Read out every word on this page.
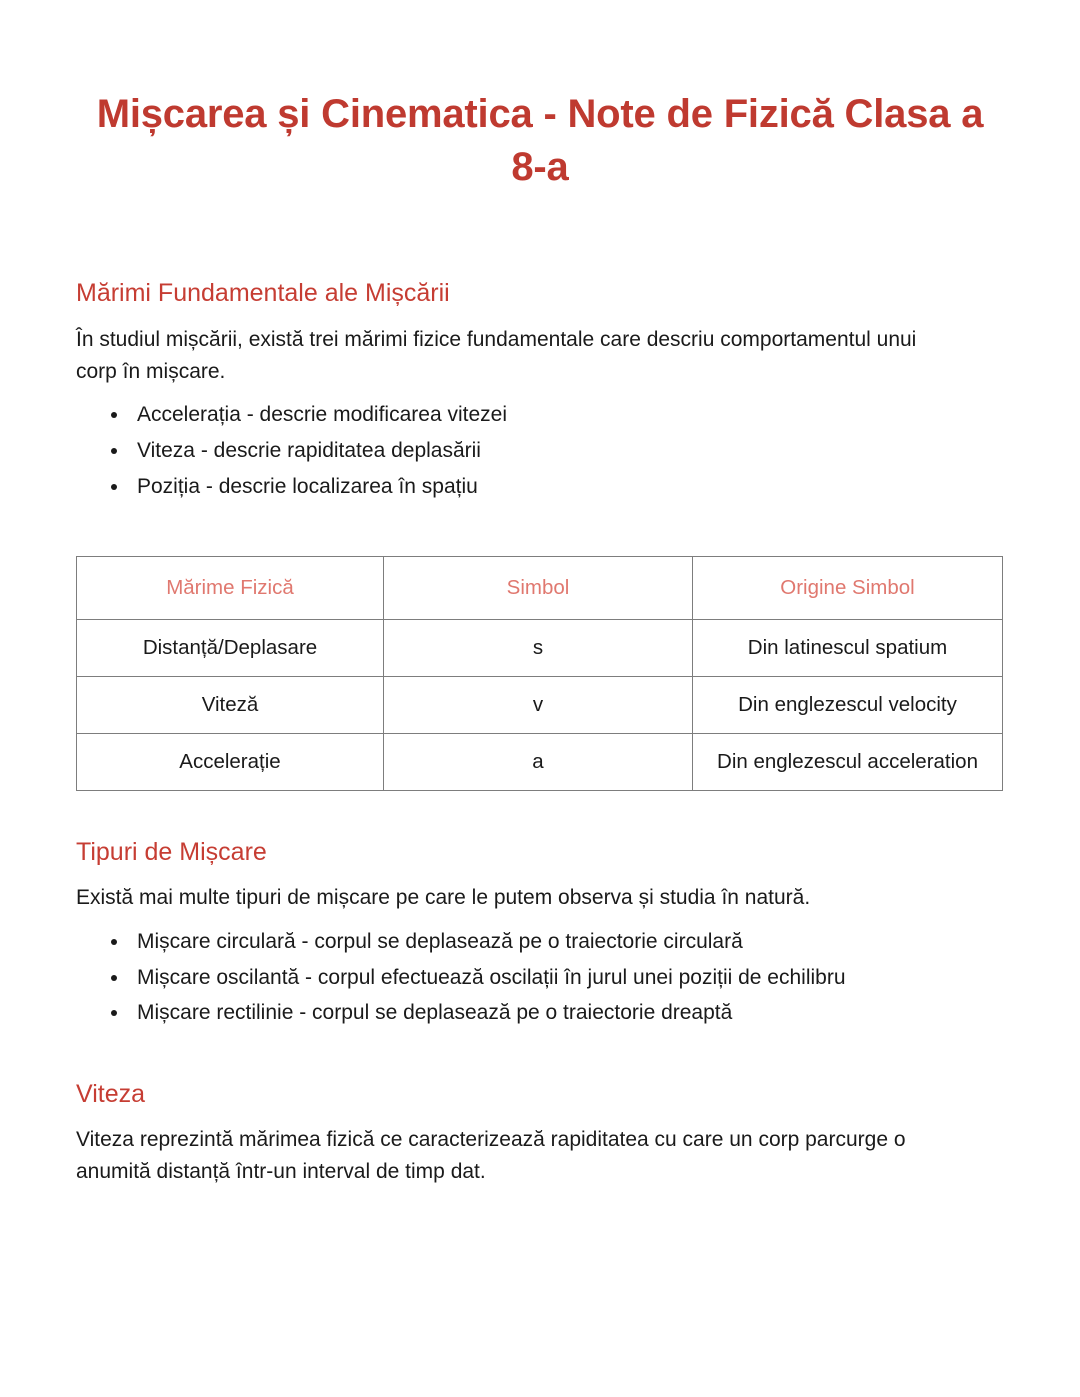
Mișcarea și Cinematica - Note de Fizică Clasa a 8-a
Mărimi Fundamentale ale Mișcării

În studiul mișcării, există trei mărimi fizice fundamentale care descriu comportamentul unui corp în mișcare.

Accelerația - descrie modificarea vitezei
Viteza - descrie rapiditatea deplasării
Poziția - descrie localizarea în spațiu
Mărime Fizică	Simbol	Origine Simbol
Distanță/Deplasare	s	Din latinescul spatium
Viteză	v	Din englezescul velocity
Accelerație	a	Din englezescul acceleration
Tipuri de Mișcare

Există mai multe tipuri de mișcare pe care le putem observa și studia în natură.

Mișcare circulară - corpul se deplasează pe o traiectorie circulară
Mișcare oscilantă - corpul efectuează oscilații în jurul unei poziții de echilibru
Mișcare rectilinie - corpul se deplasează pe o traiectorie dreaptă
Viteza

Viteza reprezintă mărimea fizică ce caracterizează rapiditatea cu care un corp parcurge o anumită distanță într-un interval de timp dat.
